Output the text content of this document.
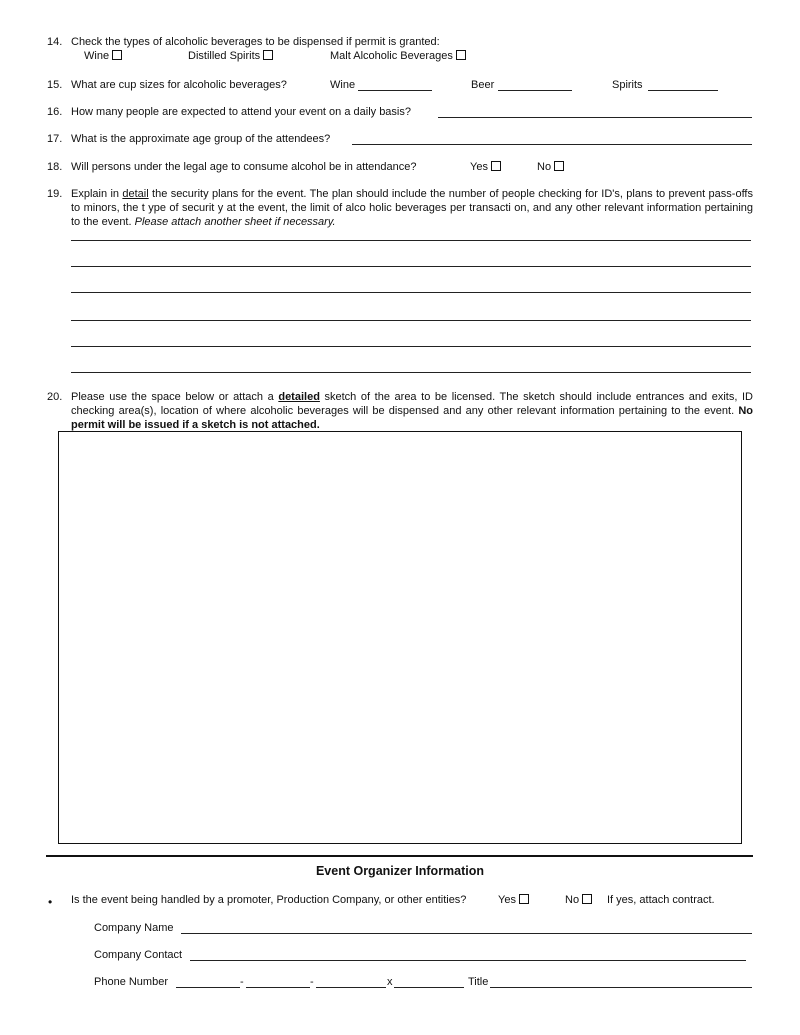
14. Check the types of alcoholic beverages to be dispensed if permit is granted:
Wine	Distilled Spirits	Malt Alcoholic Beverages
15. What are cup sizes for alcoholic beverages?	Wine	Beer	Spirits
16. How many people are expected to attend your event on a daily basis?
17. What is the approximate age group of the attendees?
18. Will persons under the legal age to consume alcohol be in attendance?	Yes	No
19. Explain in detail the security plans for the event. The plan should include the number of people checking for ID's, plans to prevent pass-offs to minors, the t ype of securit y at the event, the limit of alco holic beverages per transacti on, and any other relevant information pertaining to the event. Please attach another sheet if necessary.
20. Please use the space below or attach a detailed sketch of the area to be licensed. The sketch should include entrances and exits, ID checking area(s), location of where alcoholic beverages will be dispensed and any other relevant information pertaining to the event. No permit will be issued if a sketch is not attached.
Event Organizer Information
• Is the event being handled by a promoter, Production Company, or other entities?	Yes	No	If yes, attach contract.
Company Name
Company Contact
Phone Number	-	-	x	Title
